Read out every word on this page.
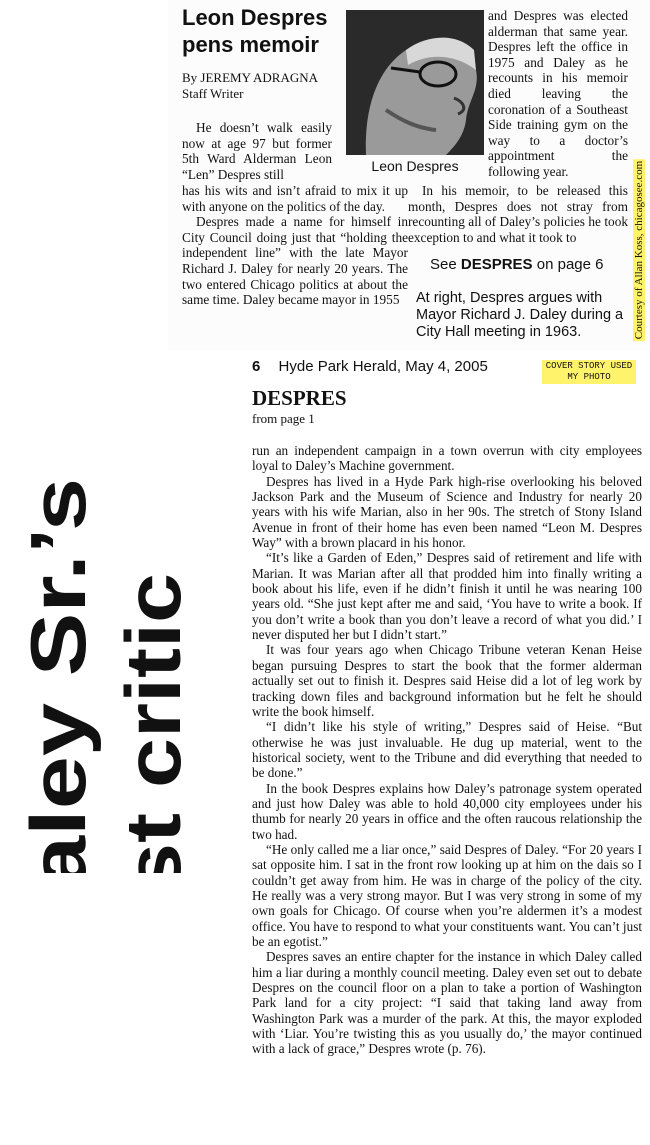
Leon Despres pens memoir
By JEREMY ADRAGNA
Staff Writer
Leon Despres

He doesn’t walk easily now at age 97 but former 5th Ward Alderman Leon “Len” Despres still

has his wits and isn’t afraid to mix it up with anyone on the politics of the day.

Despres made a name for himself in City Council doing just that “holding the independent line” with the late Mayor Richard J. Daley for nearly 20 years. The two entered Chicago politics at about the same time. Daley became mayor in 1955

and Despres was elected alderman that same year. Despres left the office in 1975 and Daley as he recounts in his memoir died leaving the coronation of a Southeast Side training gym on the way to a doctor’s appointment the following year.

In his memoir, to be released this month, Despres does not stray from recounting all of Daley’s policies he took exception to and what it took to

See DESPRES on page 6
At right, Despres argues with Mayor Richard J. Daley during a City Hall meeting in 1963.	Courtesy of Allan Koss, chicagosee.com
Daley Sr.’s worst critic
6 Hyde Park Herald, May 4, 2005	COVER STORY USED MY PHOTO
DESPRES
from page 1

run an independent campaign in a town overrun with city employees loyal to Daley’s Machine government.

Despres has lived in a Hyde Park high-rise overlooking his beloved Jackson Park and the Museum of Science and Industry for nearly 20 years with his wife Marian, also in her 90s. The stretch of Stony Island Avenue in front of their home has even been named “Leon M. Despres Way” with a brown placard in his honor.

“It’s like a Garden of Eden,” Despres said of retirement and life with Marian. It was Marian after all that prodded him into finally writing a book about his life, even if he didn’t finish it until he was nearing 100 years old. “She just kept after me and said, ‘You have to write a book. If you don’t write a book than you don’t leave a record of what you did.’ I never disputed her but I didn’t start.”

It was four years ago when Chicago Tribune veteran Kenan Heise began pursuing Despres to start the book that the former alderman actually set out to finish it. Despres said Heise did a lot of leg work by tracking down files and background information but he felt he should write the book himself.

“I didn’t like his style of writing,” Despres said of Heise. “But otherwise he was just invaluable. He dug up material, went to the historical society, went to the Tribune and did everything that needed to be done.”

In the book Despres explains how Daley’s patronage system operated and just how Daley was able to hold 40,000 city employees under his thumb for nearly 20 years in office and the often raucous relationship the two had.

“He only called me a liar once,” said Despres of Daley. “For 20 years I sat opposite him. I sat in the front row looking up at him on the dais so I couldn’t get away from him. He was in charge of the policy of the city. He really was a very strong mayor. But I was very strong in some of my own goals for Chicago. Of course when you’re aldermen it’s a modest office. You have to respond to what your constituents want. You can’t just be an egotist.”

Despres saves an entire chapter for the instance in which Daley called him a liar during a monthly council meeting. Daley even set out to debate Despres on the council floor on a plan to take a portion of Washington Park land for a city project: “I said that taking land away from Washington Park was a murder of the park. At this, the mayor exploded with ‘Liar. You’re twisting this as you usually do,’ the mayor continued with a lack of grace,” Despres wrote (p. 76).
